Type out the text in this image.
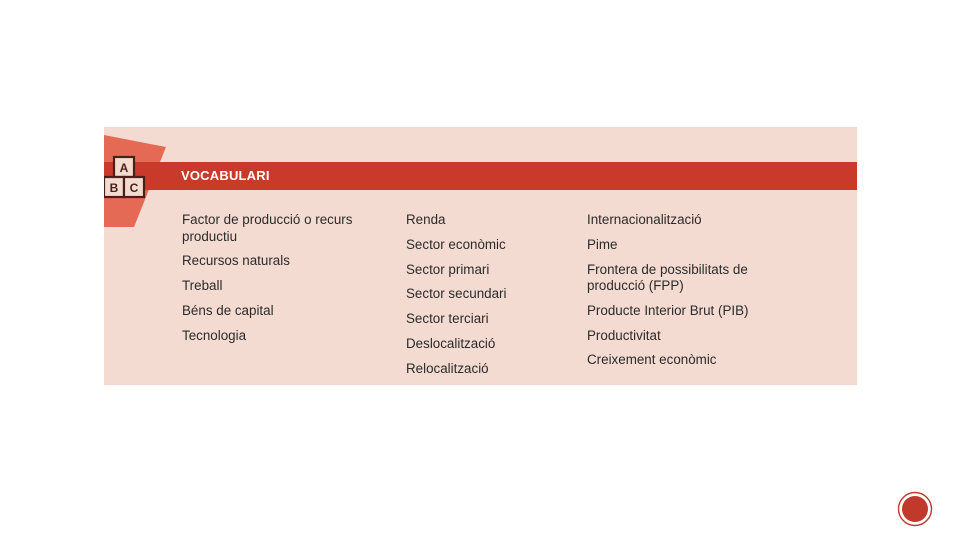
VOCABULARI
A
B C
Factor de producció o recurs productiu
Recursos naturals
Treball
Béns de capital
Tecnologia
Renda
Sector econòmic
Sector primari
Sector secundari
Sector terciari
Deslocalització
Relocalització
Internacionalització
Pime
Frontera de possibilitats de producció (FPP)
Producte Interior Brut (PIB)
Productivitat
Creixement econòmic
